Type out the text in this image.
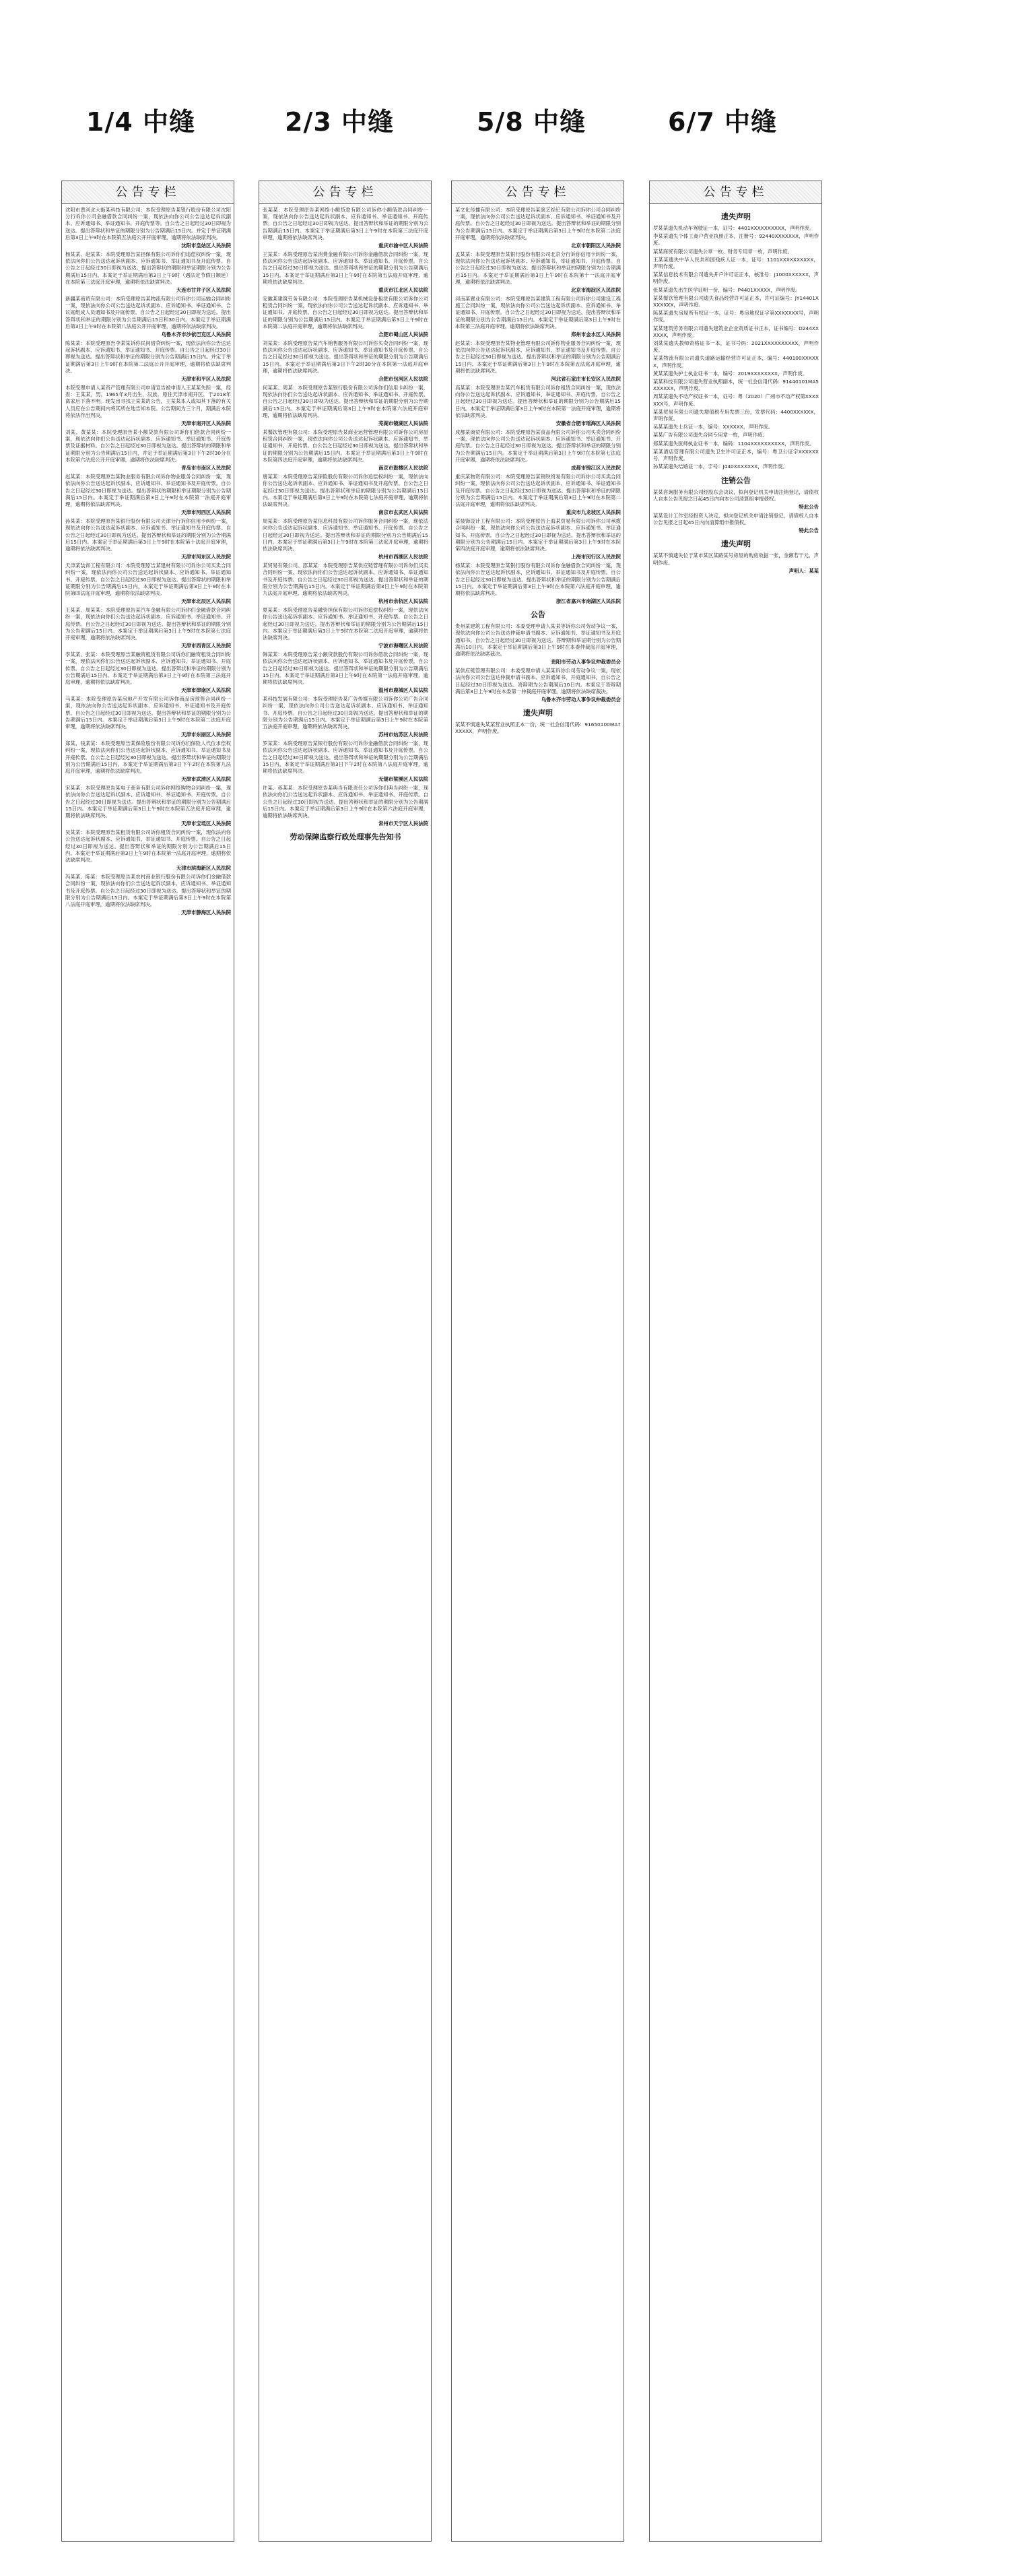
1/4 中缝	2/3 中缝	5/8 中缝	6/7 中缝
公告专栏

沈阳市黄河北大街某科技有限公司：本院受理原告某银行股份有限公司沈阳分行诉你公司金融借款合同纠纷一案，现依法向你公司公告送达起诉状副本、应诉通知书、举证通知书、开庭传票等。自公告之日起经过30日即视为送达。提出答辩状和举证的期限分别为公告期满后15日内。并定于举证期满后第3日上午9时在本院第五法庭公开开庭审理，逾期将依法缺席判决。

沈阳市皇姑区人民法院

杨某某、赵某某：本院受理原告某担保有限公司诉你们追偿权纠纷一案，现依法向你们公告送达起诉状副本、应诉通知书、举证通知书及开庭传票。自公告之日起经过30日即视为送达。提出答辩状的期限和举证期限分别为公告期满后15日内。本案定于举证期满后第3日上午9时（遇法定节假日顺延）在本院第三法庭开庭审理，逾期将依法缺席判决。

大连市甘井子区人民法院

新疆某商贸有限公司：本院受理原告某物流有限公司诉你公司运输合同纠纷一案，现依法向你公司公告送达起诉状副本、应诉通知书、举证通知书、合议庭组成人员通知书及开庭传票。自公告之日起经过30日即视为送达。提出答辩状和举证的期限分别为公告期满后15日和30日内。本案定于举证期满后第3日上午9时在本院第八法庭公开开庭审理，逾期将依法缺席判决。

乌鲁木齐市沙依巴克区人民法院

陈某某：本院受理原告李某某诉你民间借贷纠纷一案，现依法向你公告送达起诉状副本、应诉通知书、举证通知书、开庭传票。自公告之日起经过30日即视为送达。提出答辩状和举证的期限分别为公告期满后15日内。并定于举证期满后第3日上午9时在本院第二法庭公开开庭审理，逾期将依法缺席判决。

天津市和平区人民法院

本院受理申请人某资产管理有限公司申请宣告被申请人王某某失踪一案，经查：王某某，男，1965年3月出生，汉族，原住天津市南开区，于2018年离家后下落不明。现发出寻找王某某的公告，王某某本人或知其下落的有关人员应在公告期间内将其所在地告知本院。公告期间为三个月，期满后本院将依法作出判决。

天津市南开区人民法院

刘某、黄某某：本院受理原告某小额贷款有限公司诉你们借款合同纠纷一案，现依法向你们公告送达起诉状副本、应诉通知书、举证通知书、开庭传票及证据材料。自公告之日起经过30日即视为送达。提出答辩状的期限和举证期限分别为公告期满后15日内，并定于举证期满后第3日下午2时30分在本院第六法庭公开开庭审理，逾期将依法缺席判决。

青岛市市南区人民法院

赵某某：本院受理原告某物业服务有限公司诉你物业服务合同纠纷一案，现依法向你公告送达起诉状副本、应诉通知书、举证通知书及开庭传票。自公告之日起经过30日即视为送达。提出答辩状的期限和举证期限分别为公告期满后15日内。本案定于举证期满后第3日上午9时在本院第一法庭开庭审理，逾期将依法缺席判决。

天津市河西区人民法院

孙某某：本院受理原告某银行股份有限公司天津分行诉你信用卡纠纷一案，现依法向你公告送达起诉状副本、应诉通知书、举证通知书及开庭传票。自公告之日起经过30日即视为送达。提出答辩状和举证的期限分别为公告期满后15日内。本案定于举证期满后第3日上午9时在本院第十法庭开庭审理，逾期将依法缺席判决。

天津市河东区人民法院

天津某装饰工程有限公司：本院受理原告某建材有限公司诉你公司买卖合同纠纷一案，现依法向你公司公告送达起诉状副本、应诉通知书、举证通知书、开庭传票。自公告之日起经过30日即视为送达。提出答辩状的期限和举证期限分别为公告期满后15日内，本案定于举证期满后第3日上午9时在本院第四法庭开庭审理，逾期将依法缺席判决。

天津市北辰区人民法院

王某某、周某某：本院受理原告某汽车金融有限公司诉你们金融借款合同纠纷一案，现依法向你们公告送达起诉状副本、应诉通知书、举证通知书、开庭传票。自公告之日起经过30日即视为送达。提出答辩状和举证的期限分别为公告期满后15日内。本案定于举证期满后第3日上午9时在本院第七法庭开庭审理，逾期将依法缺席判决。

天津市西青区人民法院

李某某、张某：本院受理原告某融资租赁有限公司诉你们融资租赁合同纠纷一案，现依法向你们公告送达起诉状副本、应诉通知书、举证通知书、开庭传票。自公告之日起经过30日即视为送达。提出答辩状和举证的期限分别为公告期满后15日内。本案定于举证期满后第3日上午9时在本院第三法庭开庭审理，逾期将依法缺席判决。

天津市津南区人民法院

马某某：本院受理原告某房地产开发有限公司诉你商品房预售合同纠纷一案，现依法向你公告送达起诉状副本、应诉通知书、举证通知书及开庭传票。自公告之日起经过30日即视为送达。提出答辩状和举证的期限分别为公告期满后15日内。本案定于举证期满后第3日上午9时在本院第二法庭开庭审理，逾期将依法缺席判决。

天津市东丽区人民法院

郑某、钱某某：本院受理原告某保险股份有限公司诉你们保险人代位求偿权纠纷一案，现依法向你们公告送达起诉状副本、应诉通知书、举证通知书及开庭传票。自公告之日起经过30日即视为送达。提出答辩状和举证的期限分别为公告期满后15日内。本案定于举证期满后第3日下午2时在本院第九法庭开庭审理，逾期将依法缺席判决。

天津市武清区人民法院

宋某某：本院受理原告某电子商务有限公司诉你网络购物合同纠纷一案，现依法向你公告送达起诉状副本、应诉通知书、举证通知书、开庭传票。自公告之日起经过30日即视为送达。提出答辩状和举证的期限分别为公告期满后15日内。本案定于举证期满后第3日上午9时在本院第五法庭开庭审理，逾期将依法缺席判决。

天津市宝坻区人民法院

吴某某：本院受理原告某租赁有限公司诉你租赁合同纠纷一案，现依法向你公告送达起诉状副本、应诉通知书、举证通知书、开庭传票。自公告之日起经过30日即视为送达。提出答辩状和举证的期限分别为公告期满后15日内。本案定于举证期满后第3日上午9时在本院第一法庭开庭审理，逾期将依法缺席判决。

天津市滨海新区人民法院

冯某某、陈某：本院受理原告某农村商业银行股份有限公司诉你们金融借款合同纠纷一案，现依法向你们公告送达起诉状副本、应诉通知书、举证通知书及开庭传票。自公告之日起经过30日即视为送达。提出答辩状和举证的期限分别为公告期满后15日内。本案定于举证期满后第3日上午9时在本院第八法庭开庭审理，逾期将依法缺席判决。

天津市静海区人民法院

公告专栏

张某某：本院受理原告某网络小额贷款有限公司诉你小额借款合同纠纷一案，现依法向你公告送达起诉状副本、应诉通知书、举证通知书、开庭传票。自公告之日起经过30日即视为送达。提出答辩状和举证的期限分别为公告期满后15日内。本案定于举证期满后第3日上午9时在本院第三法庭开庭审理，逾期将依法缺席判决。

重庆市渝中区人民法院

王某某：本院受理原告某消费金融有限公司诉你金融借款合同纠纷一案，现依法向你公告送达起诉状副本、应诉通知书、举证通知书、开庭传票。自公告之日起经过30日即视为送达。提出答辩状和举证的期限分别为公告期满后15日内。本案定于举证期满后第3日上午9时在本院第五法庭开庭审理，逾期将依法缺席判决。

重庆市江北区人民法院

安徽某建筑劳务有限公司：本院受理原告某机械设备租赁有限公司诉你公司租赁合同纠纷一案，现依法向你公司公告送达起诉状副本、应诉通知书、举证通知书、开庭传票。自公告之日起经过30日即视为送达。提出答辩状和举证的期限分别为公告期满后15日内。本案定于举证期满后第3日上午9时在本院第二法庭开庭审理，逾期将依法缺席判决。

合肥市蜀山区人民法院

刘某某：本院受理原告某汽车销售服务有限公司诉你买卖合同纠纷一案，现依法向你公告送达起诉状副本、应诉通知书、举证通知书及开庭传票。自公告之日起经过30日即视为送达。提出答辩状和举证的期限分别为公告期满后15日内。本案定于举证期满后第3日下午2时30分在本院第一法庭开庭审理，逾期将依法缺席判决。

合肥市包河区人民法院

何某某、周某：本院受理原告某银行股份有限公司诉你们信用卡纠纷一案，现依法向你们公告送达起诉状副本、应诉通知书、举证通知书、开庭传票。自公告之日起经过30日即视为送达。提出答辩状和举证的期限分别为公告期满后15日内。本案定于举证期满后第3日上午9时在本院第六法庭开庭审理，逾期将依法缺席判决。

芜湖市镜湖区人民法院

某餐饮管理有限公司：本院受理原告某商业运营管理有限公司诉你公司房屋租赁合同纠纷一案，现依法向你公司公告送达起诉状副本、应诉通知书、举证通知书、开庭传票。自公告之日起经过30日即视为送达。提出答辩状和举证的期限分别为公告期满后15日内。本案定于举证期满后第3日上午9时在本院第四法庭开庭审理，逾期将依法缺席判决。

南京市鼓楼区人民法院

唐某某：本院受理原告某保险股份有限公司诉你追偿权纠纷一案，现依法向你公告送达起诉状副本、应诉通知书、举证通知书及开庭传票。自公告之日起经过30日即视为送达。提出答辩状和举证的期限分别为公告期满后15日内。本案定于举证期满后第3日上午9时在本院第七法庭开庭审理，逾期将依法缺席判决。

南京市玄武区人民法院

周某某：本院受理原告某信息科技有限公司诉你服务合同纠纷一案，现依法向你公告送达起诉状副本、应诉通知书、举证通知书、开庭传票。自公告之日起经过30日即视为送达。提出答辩状和举证的期限分别为公告期满后15日内。本案定于举证期满后第3日上午9时在本院第三法庭开庭审理，逾期将依法缺席判决。

杭州市西湖区人民法院

某贸易有限公司、邵某某：本院受理原告某供应链管理有限公司诉你们买卖合同纠纷一案，现依法向你们公告送达起诉状副本、应诉通知书、举证通知书及开庭传票。自公告之日起经过30日即视为送达。提出答辩状和举证的期限分别为公告期满后15日内。本案定于举证期满后第3日上午9时在本院第九法庭开庭审理，逾期将依法缺席判决。

杭州市余杭区人民法院

夏某某：本院受理原告某融资担保有限公司诉你追偿权纠纷一案，现依法向你公告送达起诉状副本、应诉通知书、举证通知书、开庭传票。自公告之日起经过30日即视为送达。提出答辩状和举证的期限分别为公告期满后15日内。本案定于举证期满后第3日上午9时在本院第二法庭开庭审理，逾期将依法缺席判决。

宁波市海曙区人民法院

韩某某：本院受理原告某小额贷款股份有限公司诉你借款合同纠纷一案，现依法向你公告送达起诉状副本、应诉通知书、举证通知书及开庭传票。自公告之日起经过30日即视为送达。提出答辩状和举证的期限分别为公告期满后15日内。本案定于举证期满后第3日上午9时在本院第一法庭开庭审理，逾期将依法缺席判决。

温州市鹿城区人民法院

某科技发展有限公司：本院受理原告某广告传媒有限公司诉你公司广告合同纠纷一案，现依法向你公司公告送达起诉状副本、应诉通知书、举证通知书、开庭传票。自公告之日起经过30日即视为送达。提出答辩状和举证的期限分别为公告期满后15日内。本案定于举证期满后第3日上午9时在本院第五法庭开庭审理，逾期将依法缺席判决。

苏州市姑苏区人民法院

罗某某：本院受理原告某银行股份有限公司诉你金融借款合同纠纷一案，现依法向你公告送达起诉状副本、应诉通知书、举证通知书及开庭传票。自公告之日起经过30日即视为送达。提出答辩状和举证的期限分别为公告期满后15日内。本案定于举证期满后第3日下午2时在本院第八法庭开庭审理，逾期将依法缺席判决。

无锡市梁溪区人民法院

许某、蒋某某：本院受理原告某典当有限责任公司诉你们典当纠纷一案，现依法向你们公告送达起诉状副本、应诉通知书、举证通知书、开庭传票。自公告之日起经过30日即视为送达。提出答辩状和举证的期限分别为公告期满后15日内。本案定于举证期满后第3日上午9时在本院第六法庭开庭审理，逾期将依法缺席判决。

常州市天宁区人民法院

劳动保障监察行政处理事先告知书

公告专栏

某文化传播有限公司：本院受理原告某演艺经纪有限公司诉你公司合同纠纷一案，现依法向你公司公告送达起诉状副本、应诉通知书、举证通知书及开庭传票。自公告之日起经过30日即视为送达。提出答辩状和举证的期限分别为公告期满后15日内。本案定于举证期满后第3日上午9时在本院第二法庭开庭审理，逾期将依法缺席判决。

北京市朝阳区人民法院

孟某某：本院受理原告某银行股份有限公司北京分行诉你信用卡纠纷一案，现依法向你公告送达起诉状副本、应诉通知书、举证通知书、开庭传票。自公告之日起经过30日即视为送达。提出答辩状和举证的期限分别为公告期满后15日内。本案定于举证期满后第3日上午9时在本院第十一法庭开庭审理，逾期将依法缺席判决。

北京市海淀区人民法院

河南某置业有限公司：本院受理原告某建筑工程有限公司诉你公司建设工程施工合同纠纷一案，现依法向你公司公告送达起诉状副本、应诉通知书、举证通知书、开庭传票。自公告之日起经过30日即视为送达。提出答辩状和举证的期限分别为公告期满后15日内。本案定于举证期满后第3日上午9时在本院第三法庭开庭审理，逾期将依法缺席判决。

郑州市金水区人民法院

赵某某：本院受理原告某物业管理有限公司诉你物业服务合同纠纷一案，现依法向你公告送达起诉状副本、应诉通知书、举证通知书及开庭传票。自公告之日起经过30日即视为送达。提出答辩状和举证的期限分别为公告期满后15日内。本案定于举证期满后第3日上午9时在本院第五法庭开庭审理，逾期将依法缺席判决。

河北省石家庄市长安区人民法院

高某某：本院受理原告某汽车租赁有限公司诉你租赁合同纠纷一案，现依法向你公告送达起诉状副本、应诉通知书、举证通知书、开庭传票。自公告之日起经过30日即视为送达。提出答辩状和举证的期限分别为公告期满后15日内。本案定于举证期满后第3日上午9时在本院第一法庭开庭审理，逾期将依法缺席判决。

安徽省合肥市瑶海区人民法院

成都某商贸有限公司：本院受理原告某食品有限公司诉你公司买卖合同纠纷一案，现依法向你公司公告送达起诉状副本、应诉通知书、举证通知书、开庭传票。自公告之日起经过30日即视为送达。提出答辩状和举证的期限分别为公告期满后15日内。本案定于举证期满后第3日上午9时在本院第七法庭开庭审理，逾期将依法缺席判决。

成都市锦江区人民法院

重庆某物资有限公司：本院受理原告某钢铁贸易有限公司诉你公司买卖合同纠纷一案，现依法向你公司公告送达起诉状副本、应诉通知书、举证通知书及开庭传票。自公告之日起经过30日即视为送达。提出答辩状和举证的期限分别为公告期满后15日内。本案定于举证期满后第3日上午9时在本院第二法庭开庭审理，逾期将依法缺席判决。

重庆市九龙坡区人民法院

某装饰设计工程有限公司：本院受理原告上海某贸易有限公司诉你公司承揽合同纠纷一案，现依法向你公司公告送达起诉状副本、应诉通知书、举证通知书、开庭传票。自公告之日起经过30日即视为送达。提出答辩状和举证的期限分别为公告期满后15日内。本案定于举证期满后第3日上午9时在本院第四法庭开庭审理，逾期将依法缺席判决。

上海市闵行区人民法院

杨某某：本院受理原告某银行股份有限公司诉你金融借款合同纠纷一案，现依法向你公告送达起诉状副本、应诉通知书、举证通知书及开庭传票。自公告之日起经过30日即视为送达。提出答辩状和举证的期限分别为公告期满后15日内。本案定于举证期满后第3日上午9时在本院第六法庭开庭审理，逾期将依法缺席判决。

浙江省嘉兴市南湖区人民法院

公告

贵州某建筑工程有限公司：本委受理申请人某某等诉你公司劳动争议一案，现依法向你公司公告送达仲裁申请书副本、应诉通知书、举证通知书及开庭通知书。自公告之日起经过30日即视为送达。答辩期和举证期分别为公告期满后10日内。本案定于举证期满后第3日上午9时在本委仲裁庭开庭审理，逾期将依法缺席裁决。

贵阳市劳动人事争议仲裁委员会

某供应链管理有限公司：本委受理申请人某某诉你公司劳动争议一案，现依法向你公司公告送达仲裁申请书副本、应诉通知书、开庭通知书。自公告之日起经过30日即视为送达。答辩期为公告期满后10日内。本案定于答辩期满后第3日上午9时在本委第一仲裁庭开庭审理，逾期将依法缺席裁决。

乌鲁木齐市劳动人事争议仲裁委员会

遗失声明

某某不慎遗失某某营业执照正本一份，统一社会信用代码：91650100MA7XXXXX，声明作废。

公告专栏

遗失声明

罗某某遗失机动车驾驶证一本，证号：4401XXXXXXXXXX，声明作废。

李某某遗失个体工商户营业执照正本，注册号：92440XXXXXXX，声明作废。

某某商贸有限公司遗失公章一枚、财务专用章一枚，声明作废。

王某某遗失中华人民共和国残疾人证一本，证号：1101XXXXXXXXXX，声明作废。

某某信息技术有限公司遗失开户许可证正本，核准号：J1000XXXXXX，声明作废。

张某某遗失出生医学证明一份，编号：P4401XXXXX，声明作废。

某某餐饮管理有限公司遗失食品经营许可证正本，许可证编号：JY14401XXXXXXX，声明作废。

陈某某遗失房屋所有权证一本，证号：粤房地权证字第XXXXXXX号，声明作废。

某某建筑劳务有限公司遗失建筑业企业资质证书正本，证书编号：D244XXXXXX，声明作废。

刘某某遗失教师资格证书一本，证书号码：2021XXXXXXXXXX，声明作废。

某某物流有限公司遗失道路运输经营许可证正本，编号：440100XXXXXX，声明作废。

黄某某遗失护士执业证书一本，编号：2019XXXXXXXX，声明作废。

某某科技有限公司遗失营业执照副本，统一社会信用代码：91440101MA5XXXXXX，声明作废。

周某某遗失不动产权证书一本，证号：粤（2020）广州市不动产权第XXXXXXX号，声明作废。

某某贸易有限公司遗失增值税专用发票三份，发票代码：4400XXXXXX，声明作废。

吴某某遗失士兵证一本，编号：XXXXXX，声明作废。

某某广告有限公司遗失合同专用章一枚，声明作废。

郑某某遗失医师执业证书一本，编码：1104XXXXXXXXXX，声明作废。

某某酒店管理有限公司遗失卫生许可证正本，编号：粤卫公证字XXXXXX号，声明作废。

孙某某遗失结婚证一本，字号：J440XXXXXXX，声明作废。

注销公告

某某咨询服务有限公司经股东会决议，拟向登记机关申请注销登记，请债权人自本公告见报之日起45日内向本公司清算组申报债权。

特此公告

某某设计工作室经投资人决定，拟向登记机关申请注销登记，请债权人自本公告见报之日起45日内向清算组申报债权。

特此公告

遗失声明

某某不慎遗失位于某市某区某路某号房屋的购房收据一张，金额若干元，声明作废。

声明人：某某
